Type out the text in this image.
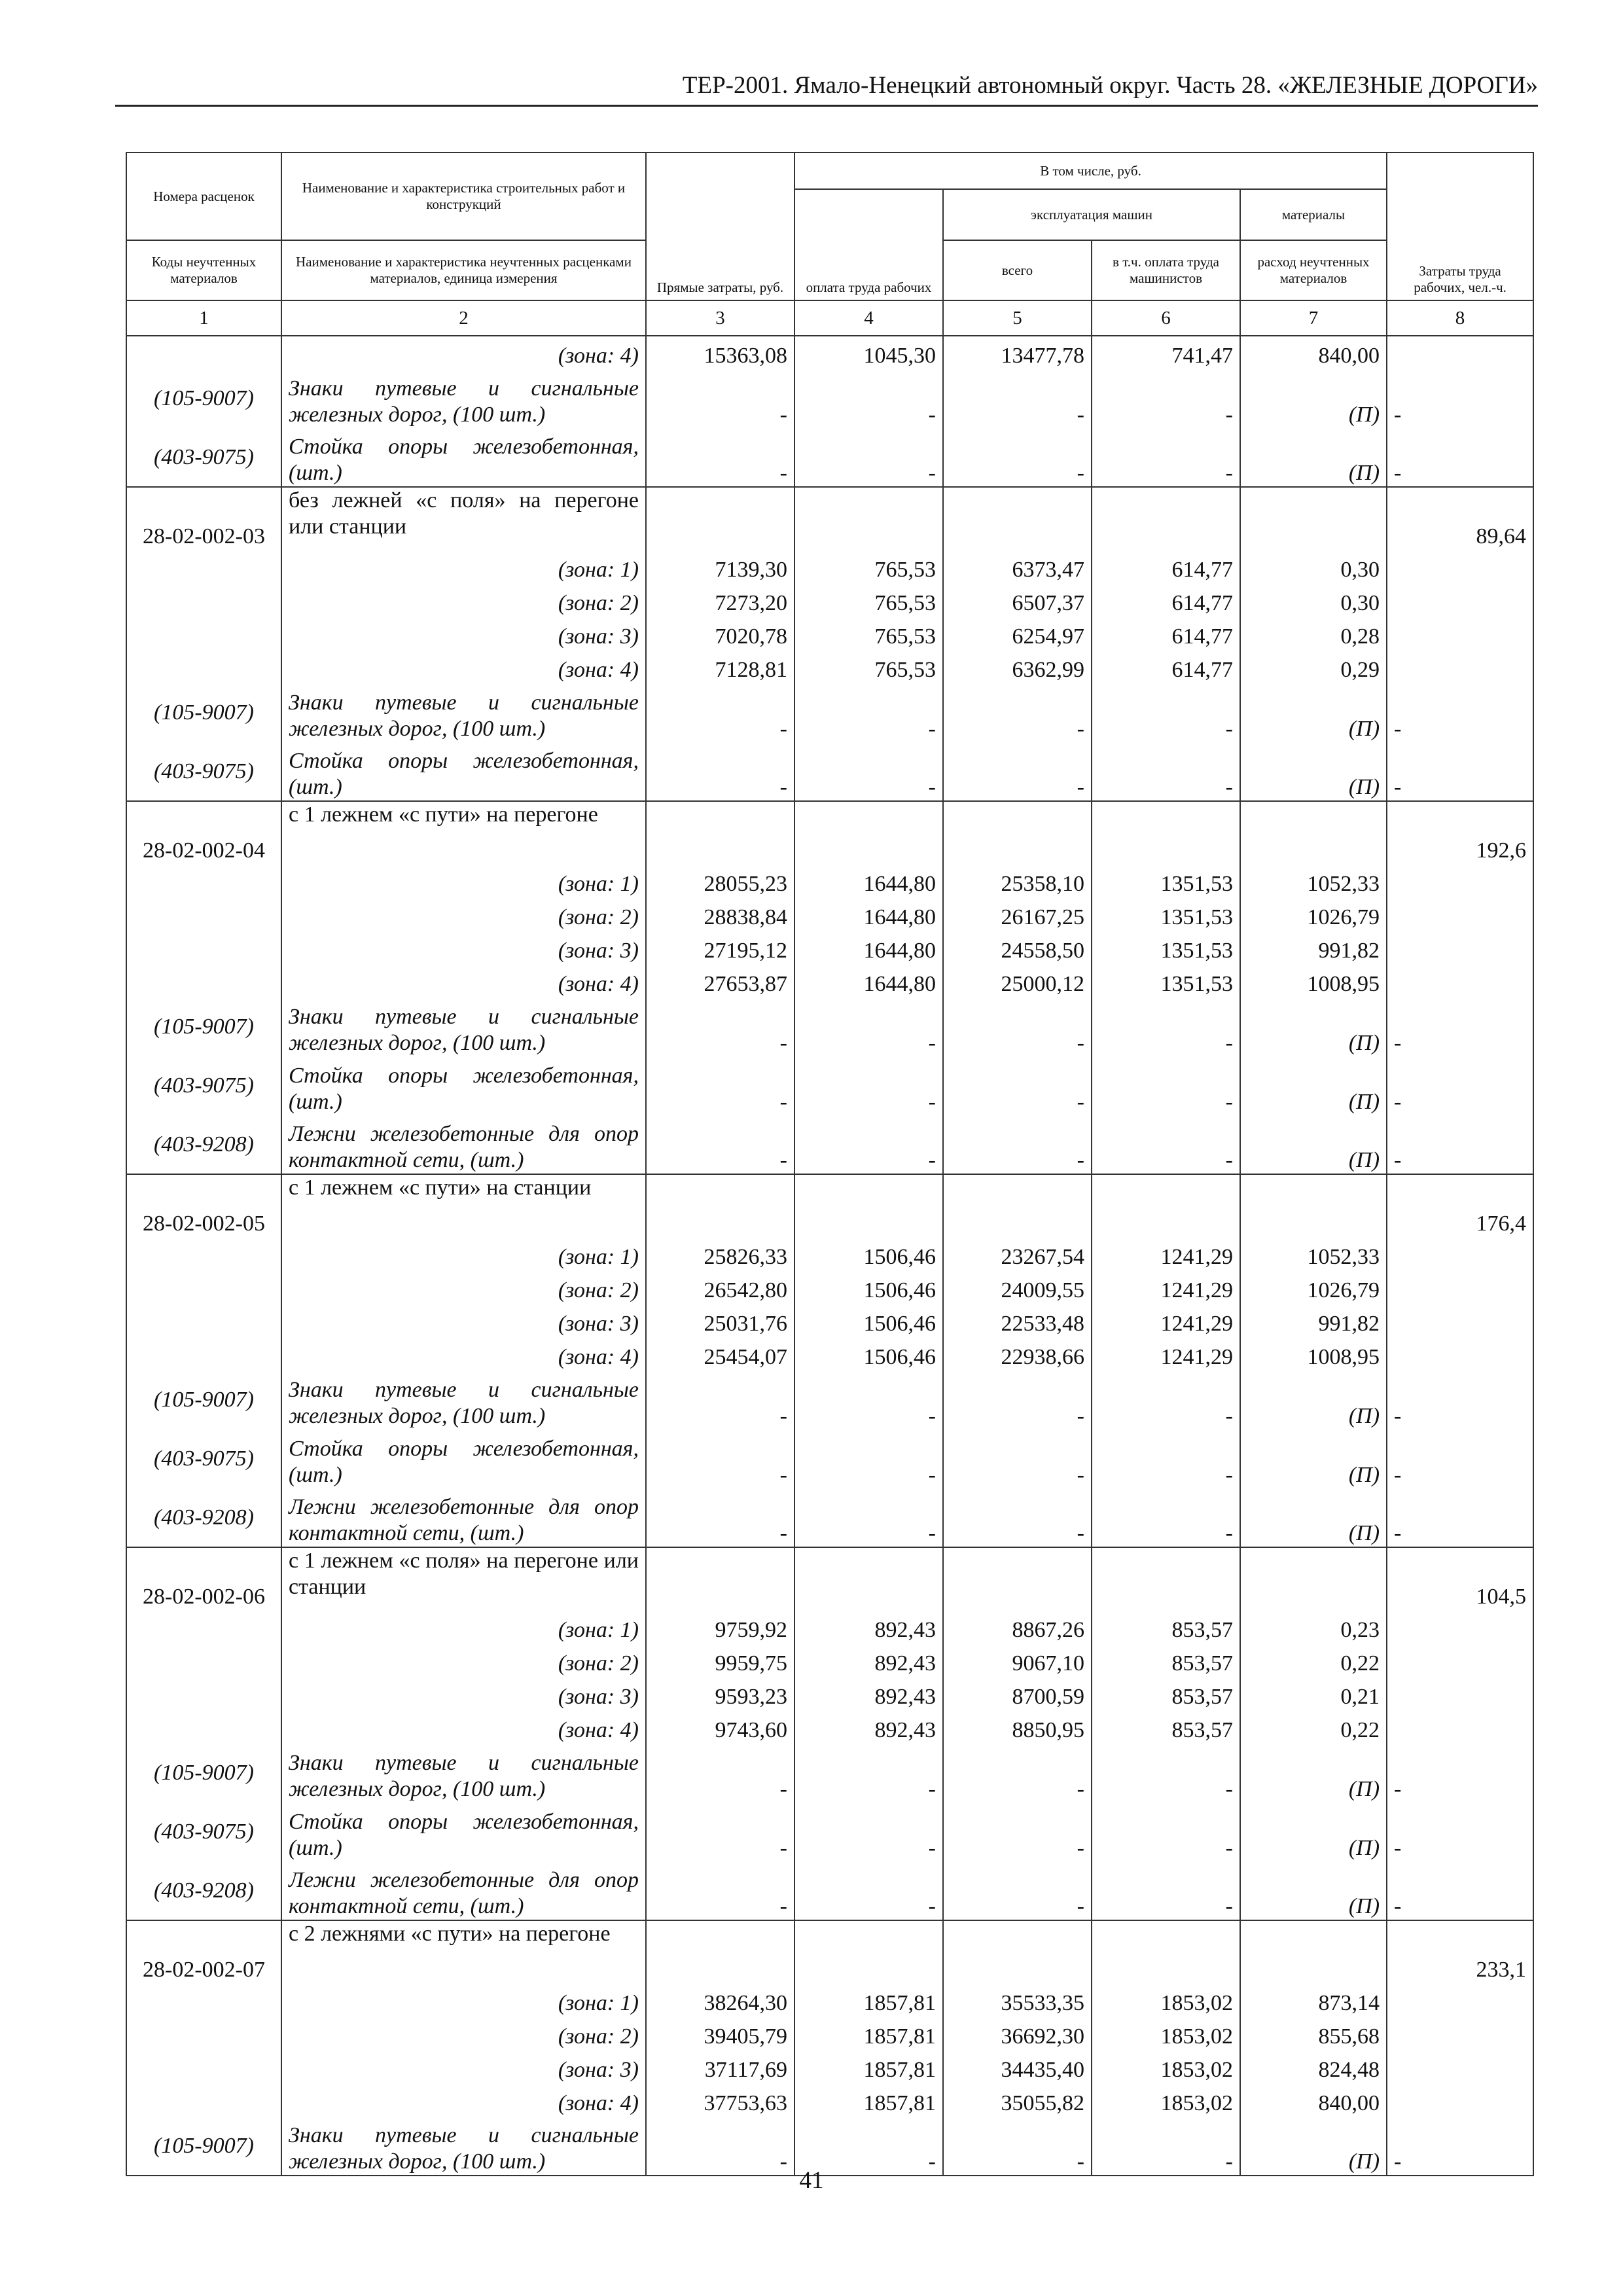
ТЕР-2001. Ямало-Ненецкий автономный округ. Часть 28. «ЖЕЛЕЗНЫЕ ДОРОГИ»
Номера расценок	Наименование и характеристика строительных работ и конструкций	Прямые затраты, руб.	В том числе, руб.				Затраты труда рабочих, чел.-ч.
			оплата труда рабочих	эксплуатация машин		материалы	
Коды неучтенных материалов	Наименование и характеристика неучтенных расценками материалов, единица измерения			всего	в т.ч. оплата труда машинистов	расход неучтенных материалов	
1	2	3	4	5	6	7	8
	(зона: 4)	15363,08	1045,30	13477,78	741,47	840,00	
(105-9007)	Знаки путевые и сигнальные железных дорог, (100 шт.)	-	-	-	-	(П)	-
(403-9075)	Стойка опоры железобетонная, (шт.)	-	-	-	-	(П)	-
28-02-002-03	без лежней «с поля» на перегоне или станции						89,64
	(зона: 1)	7139,30	765,53	6373,47	614,77	0,30	
	(зона: 2)	7273,20	765,53	6507,37	614,77	0,30	
	(зона: 3)	7020,78	765,53	6254,97	614,77	0,28	
	(зона: 4)	7128,81	765,53	6362,99	614,77	0,29	
(105-9007)	Знаки путевые и сигнальные железных дорог, (100 шт.)	-	-	-	-	(П)	-
(403-9075)	Стойка опоры железобетонная, (шт.)	-	-	-	-	(П)	-
28-02-002-04	с 1 лежнем «с пути» на перегоне						192,6
	(зона: 1)	28055,23	1644,80	25358,10	1351,53	1052,33	
	(зона: 2)	28838,84	1644,80	26167,25	1351,53	1026,79	
	(зона: 3)	27195,12	1644,80	24558,50	1351,53	991,82	
	(зона: 4)	27653,87	1644,80	25000,12	1351,53	1008,95	
(105-9007)	Знаки путевые и сигнальные железных дорог, (100 шт.)	-	-	-	-	(П)	-
(403-9075)	Стойка опоры железобетонная, (шт.)	-	-	-	-	(П)	-
(403-9208)	Лежни железобетонные для опор контактной сети, (шт.)	-	-	-	-	(П)	-
28-02-002-05	с 1 лежнем «с пути» на станции						176,4
	(зона: 1)	25826,33	1506,46	23267,54	1241,29	1052,33	
	(зона: 2)	26542,80	1506,46	24009,55	1241,29	1026,79	
	(зона: 3)	25031,76	1506,46	22533,48	1241,29	991,82	
	(зона: 4)	25454,07	1506,46	22938,66	1241,29	1008,95	
(105-9007)	Знаки путевые и сигнальные железных дорог, (100 шт.)	-	-	-	-	(П)	-
(403-9075)	Стойка опоры железобетонная, (шт.)	-	-	-	-	(П)	-
(403-9208)	Лежни железобетонные для опор контактной сети, (шт.)	-	-	-	-	(П)	-
28-02-002-06	с 1 лежнем «с поля» на перегоне или станции						104,5
	(зона: 1)	9759,92	892,43	8867,26	853,57	0,23	
	(зона: 2)	9959,75	892,43	9067,10	853,57	0,22	
	(зона: 3)	9593,23	892,43	8700,59	853,57	0,21	
	(зона: 4)	9743,60	892,43	8850,95	853,57	0,22	
(105-9007)	Знаки путевые и сигнальные железных дорог, (100 шт.)	-	-	-	-	(П)	-
(403-9075)	Стойка опоры железобетонная, (шт.)	-	-	-	-	(П)	-
(403-9208)	Лежни железобетонные для опор контактной сети, (шт.)	-	-	-	-	(П)	-
28-02-002-07	с 2 лежнями «с пути» на перегоне						233,1
	(зона: 1)	38264,30	1857,81	35533,35	1853,02	873,14	
	(зона: 2)	39405,79	1857,81	36692,30	1853,02	855,68	
	(зона: 3)	37117,69	1857,81	34435,40	1853,02	824,48	
	(зона: 4)	37753,63	1857,81	35055,82	1853,02	840,00	
(105-9007)	Знаки путевые и сигнальные железных дорог, (100 шт.)	-	-	-	-	(П)	-
41
